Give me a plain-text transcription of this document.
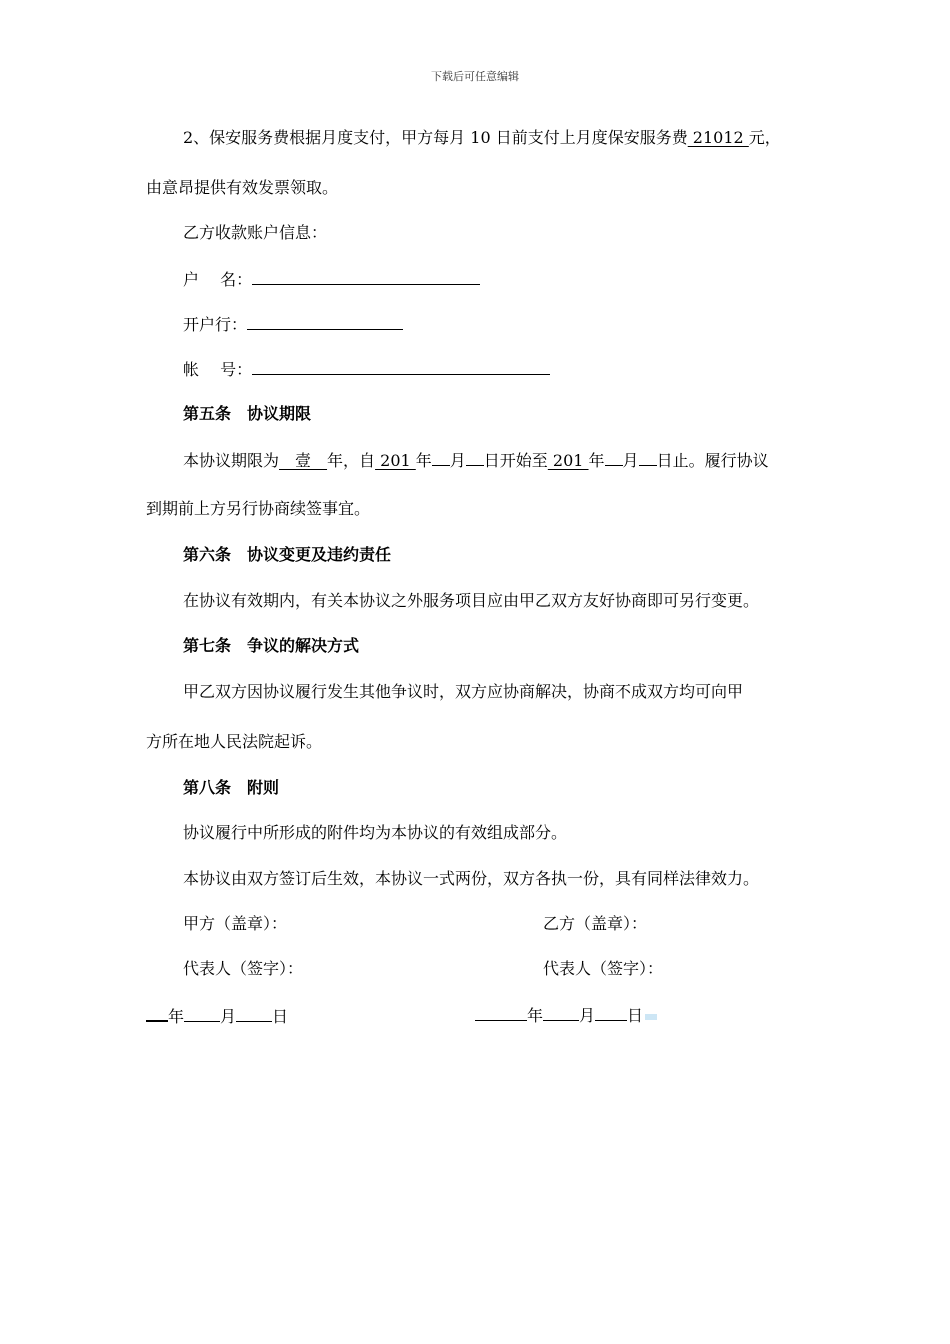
下载后可任意编辑
2、保安服务费根据月度支付，甲方每月 10 日前支付上月度保安服务费 21012 元，
由意昂提供有效发票领取。
乙方收款账户信息：
户　 名：
开户行：
帐　 号：
第五条　协议期限
本协议期限为　壹　年，自 201 年 月 日开始至 201 年 月 日止。履行协议
到期前上方另行协商续签事宜。
第六条　协议变更及违约责任
在协议有效期内，有关本协议之外服务项目应由甲乙双方友好协商即可另行变更。
第七条　争议的解决方式
甲乙双方因协议履行发生其他争议时，双方应协商解决，协商不成双方均可向甲
方所在地人民法院起诉。
第八条　附则
协议履行中所形成的附件均为本协议的有效组成部分。
本协议由双方签订后生效，本协议一式两份，双方各执一份，具有同样法律效力。
甲方（盖章）：	乙方（盖章）：
代表人（签字）：	代表人（签字）：
年 月 日	年 月 日
